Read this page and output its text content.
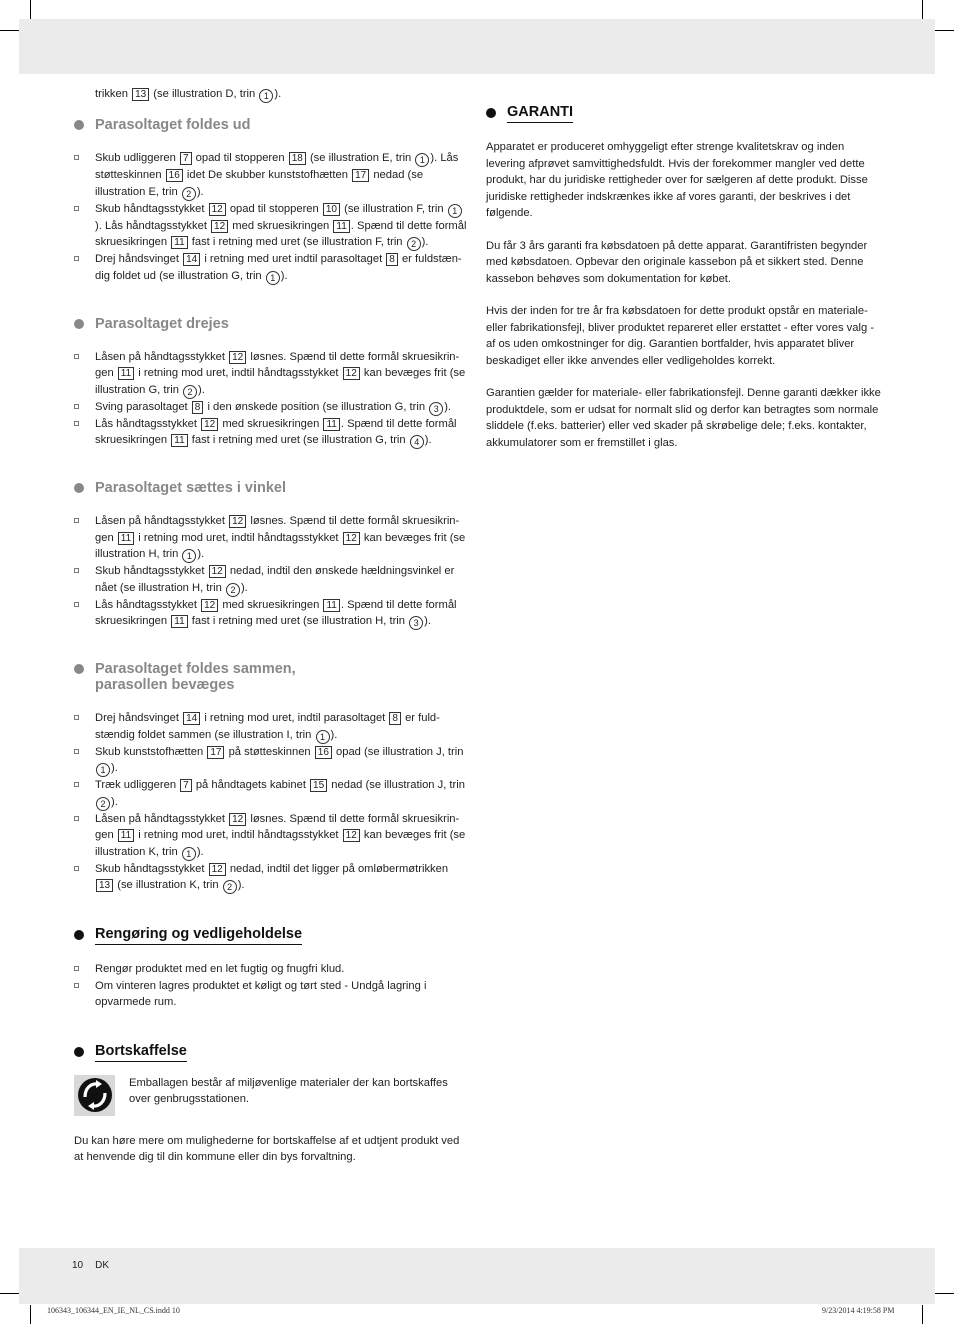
10 DK
106343_106344_EN_IE_NL_CS.indd 10	9/23/2014 4:19:58 PM

trikken 13 (se illustration D, trin 1 ).

Parasoltaget foldes ud
Skub udliggeren 7 opad til stopperen 18 (se illustration E, trin 1 ). Lås støtteskinnen 16 idet De skubber kunststofhætten 17 nedad (se illustration E, trin 2 ).
Skub håndtagsstykket 12 opad til stopperen 10 (se illustration F, trin 1). Lås håndtagsstykket 12 med skruesikringen 11 . Spænd til dette formål skruesikringen 11 fast i retning med uret (se illustration F, trin 2 ).
Drej håndsvinget 14 i retning med uret indtil parasoltaget 8 er fuldstæn-dig foldet ud (se illustration G, trin 1 ).
Parasoltaget drejes
Låsen på håndtagsstykket 12 løsnes. Spænd til dette formål skruesikrin-gen 11 i retning mod uret, indtil håndtagsstykket 12 kan bevæges frit (se illustration G, trin 2 ).
Sving parasoltaget 8 i den ønskede position (se illustration G, trin 3 ).
Lås håndtagsstykket 12 med skruesikringen 11 . Spænd til dette formål skruesikringen 11 fast i retning med uret (se illustration G, trin 4 ).
Parasoltaget sættes i vinkel
Låsen på håndtagsstykket 12 løsnes. Spænd til dette formål skruesikrin-gen 11 i retning mod uret, indtil håndtagsstykket 12 kan bevæges frit (se illustration H, trin 1 ).
Skub håndtagsstykket 12 nedad, indtil den ønskede hældningsvinkel er nået (se illustration H, trin 2 ).
Lås håndtagsstykket 12 med skruesikringen 11 . Spænd til dette formål skruesikringen 11 fast i retning med uret (se illustration H, trin 3 ).
Parasoltaget foldes sammen,
parasollen bevæges
Drej håndsvinget 14 i retning mod uret, indtil parasoltaget 8 er fuld-stændig foldet sammen (se illustration I, trin 1 ).
Skub kunststofhætten 17 på støtteskinnen 16 opad (se illustration J, trin 1 ).
Træk udliggeren 7 på håndtagets kabinet 15 nedad (se illustration J, trin 2 ).
Låsen på håndtagsstykket 12 løsnes. Spænd til dette formål skruesikrin-gen 11 i retning mod uret, indtil håndtagsstykket 12 kan bevæges frit (se illustration K, trin 1 ).
Skub håndtagsstykket 12 nedad, indtil det ligger på omløbermøtrikken 13 (se illustration K, trin 2 ).
Rengøring og vedligeholdelse
Rengør produktet med en let fugtig og fnugfri klud.
Om vinteren lagres produktet et køligt og tørt sted - Undgå lagring i opvarmede rum.
Bortskaffelse

Emballagen består af miljøvenlige materialer der kan bortskaffes over genbrugsstationen.

Du kan høre mere om mulighederne for bortskaffelse af et udtjent produkt ved at henvende dig til din kommune eller din bys forvaltning.

GARANTI

Apparatet er produceret omhyggeligt efter strenge kvalitetskrav og inden levering afprøvet samvittighedsfuldt. Hvis der forekommer mangler ved dette produkt, har du juridiske rettigheder over for sælgeren af dette produkt. Disse juridiske rettigheder indskrænkes ikke af vores garanti, der beskrives i det følgende.

Du får 3 års garanti fra købsdatoen på dette apparat. Garantifristen begynder med købsdatoen. Opbevar den originale kassebon på et sikkert sted. Denne kassebon behøves som dokumentation for købet.

Hvis der inden for tre år fra købsdatoen for dette produkt opstår en materiale- eller fabrikationsfejl, bliver produktet repareret eller erstattet - efter vores valg - af os uden omkostninger for dig. Garantien bortfalder, hvis apparatet bliver beskadiget eller ikke anvendes eller vedligeholdes korrekt.

Garantien gælder for materiale- eller fabrikationsfejl. Denne garanti dækker ikke produktdele, som er udsat for normalt slid og derfor kan betragtes som normale sliddele (f.eks. batterier) eller ved skader på skrøbelige dele; f.eks. kontakter, akkumulatorer som er fremstillet i glas.
